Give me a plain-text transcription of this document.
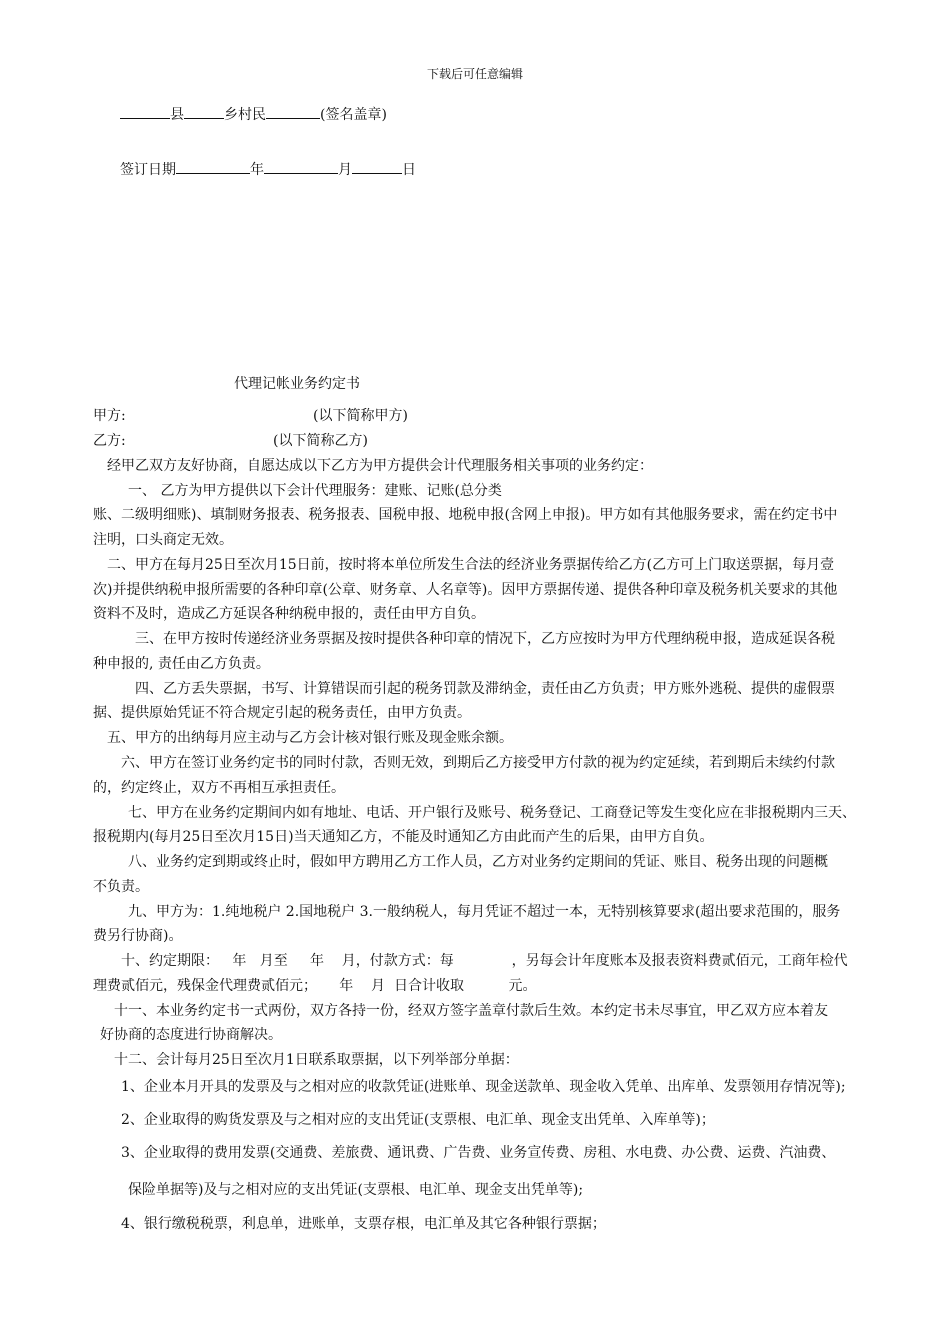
下载后可任意编辑
县	乡村民	(签名盖章)
签订日期	年	月	日
代理记帐业务约定书
甲方:	(以下简称甲方)
乙方:	(以下简称乙方)
经甲乙双方友好协商，自愿达成以下乙方为甲方提供会计代理服务相关事项的业务约定：
一、 乙方为甲方提供以下会计代理服务：建账、记账(总分类
账、二级明细账)、填制财务报表、税务报表、国税申报、地税申报(含网上申报)。甲方如有其他服务要求，需在约定书中
注明，口头商定无效。
二、甲方在每月25日至次月15日前，按时将本单位所发生合法的经济业务票据传给乙方(乙方可上门取送票据，每月壹
次)并提供纳税申报所需要的各种印章(公章、财务章、人名章等)。因甲方票据传递、提供各种印章及税务机关要求的其他
资料不及时，造成乙方延误各种纳税申报的，责任由甲方自负。
三、在甲方按时传递经济业务票据及按时提供各种印章的情况下，乙方应按时为甲方代理纳税申报，造成延误各税
种申报的, 责任由乙方负责。
四、乙方丢失票据，书写、计算错误而引起的税务罚款及滞纳金，责任由乙方负责；甲方账外逃税、提供的虚假票
据、提供原始凭证不符合规定引起的税务责任，由甲方负责。
五、甲方的出纳每月应主动与乙方会计核对银行账及现金账余额。
六、甲方在签订业务约定书的同时付款，否则无效，到期后乙方接受甲方付款的视为约定延续，若到期后未续约付款
的，约定终止，双方不再相互承担责任。
七、甲方在业务约定期间内如有地址、电话、开户银行及账号、税务登记、工商登记等发生变化应在非报税期内三天、
报税期内(每月25日至次月15日)当天通知乙方，不能及时通知乙方由此而产生的后果，由甲方自负。
八、业务约定到期或终止时，假如甲方聘用乙方工作人员，乙方对业务约定期间的凭证、账目、税务出现的问题概
不负责。
九、甲方为：1.纯地税户 2.国地税户 3.一般纳税人，每月凭证不超过一本，无特别核算要求(超出要求范围的，服务
费另行协商)。
十、约定期限：   年   月至     年    月，付款方式：每             ，另每会计年度账本及报表资料费贰佰元，工商年检代
理费贰佰元，残保金代理费贰佰元；     年    月  日合计收取          元。
十一、本业务约定书一式两份，双方各持一份，经双方签字盖章付款后生效。本约定书未尽事宜，甲乙双方应本着友
好协商的态度进行协商解决。
十二、会计每月25日至次月1日联系取票据，以下列举部分单据：
1、企业本月开具的发票及与之相对应的收款凭证(进账单、现金送款单、现金收入凭单、出库单、发票领用存情况等);
2、企业取得的购货发票及与之相对应的支出凭证(支票根、电汇单、现金支出凭单、入库单等)；
3、企业取得的费用发票(交通费、差旅费、通讯费、广告费、业务宣传费、房租、水电费、办公费、运费、汽油费、
保险单据等)及与之相对应的支出凭证(支票根、电汇单、现金支出凭单等);
4、银行缴税税票，利息单，进账单，支票存根，电汇单及其它各种银行票据；
